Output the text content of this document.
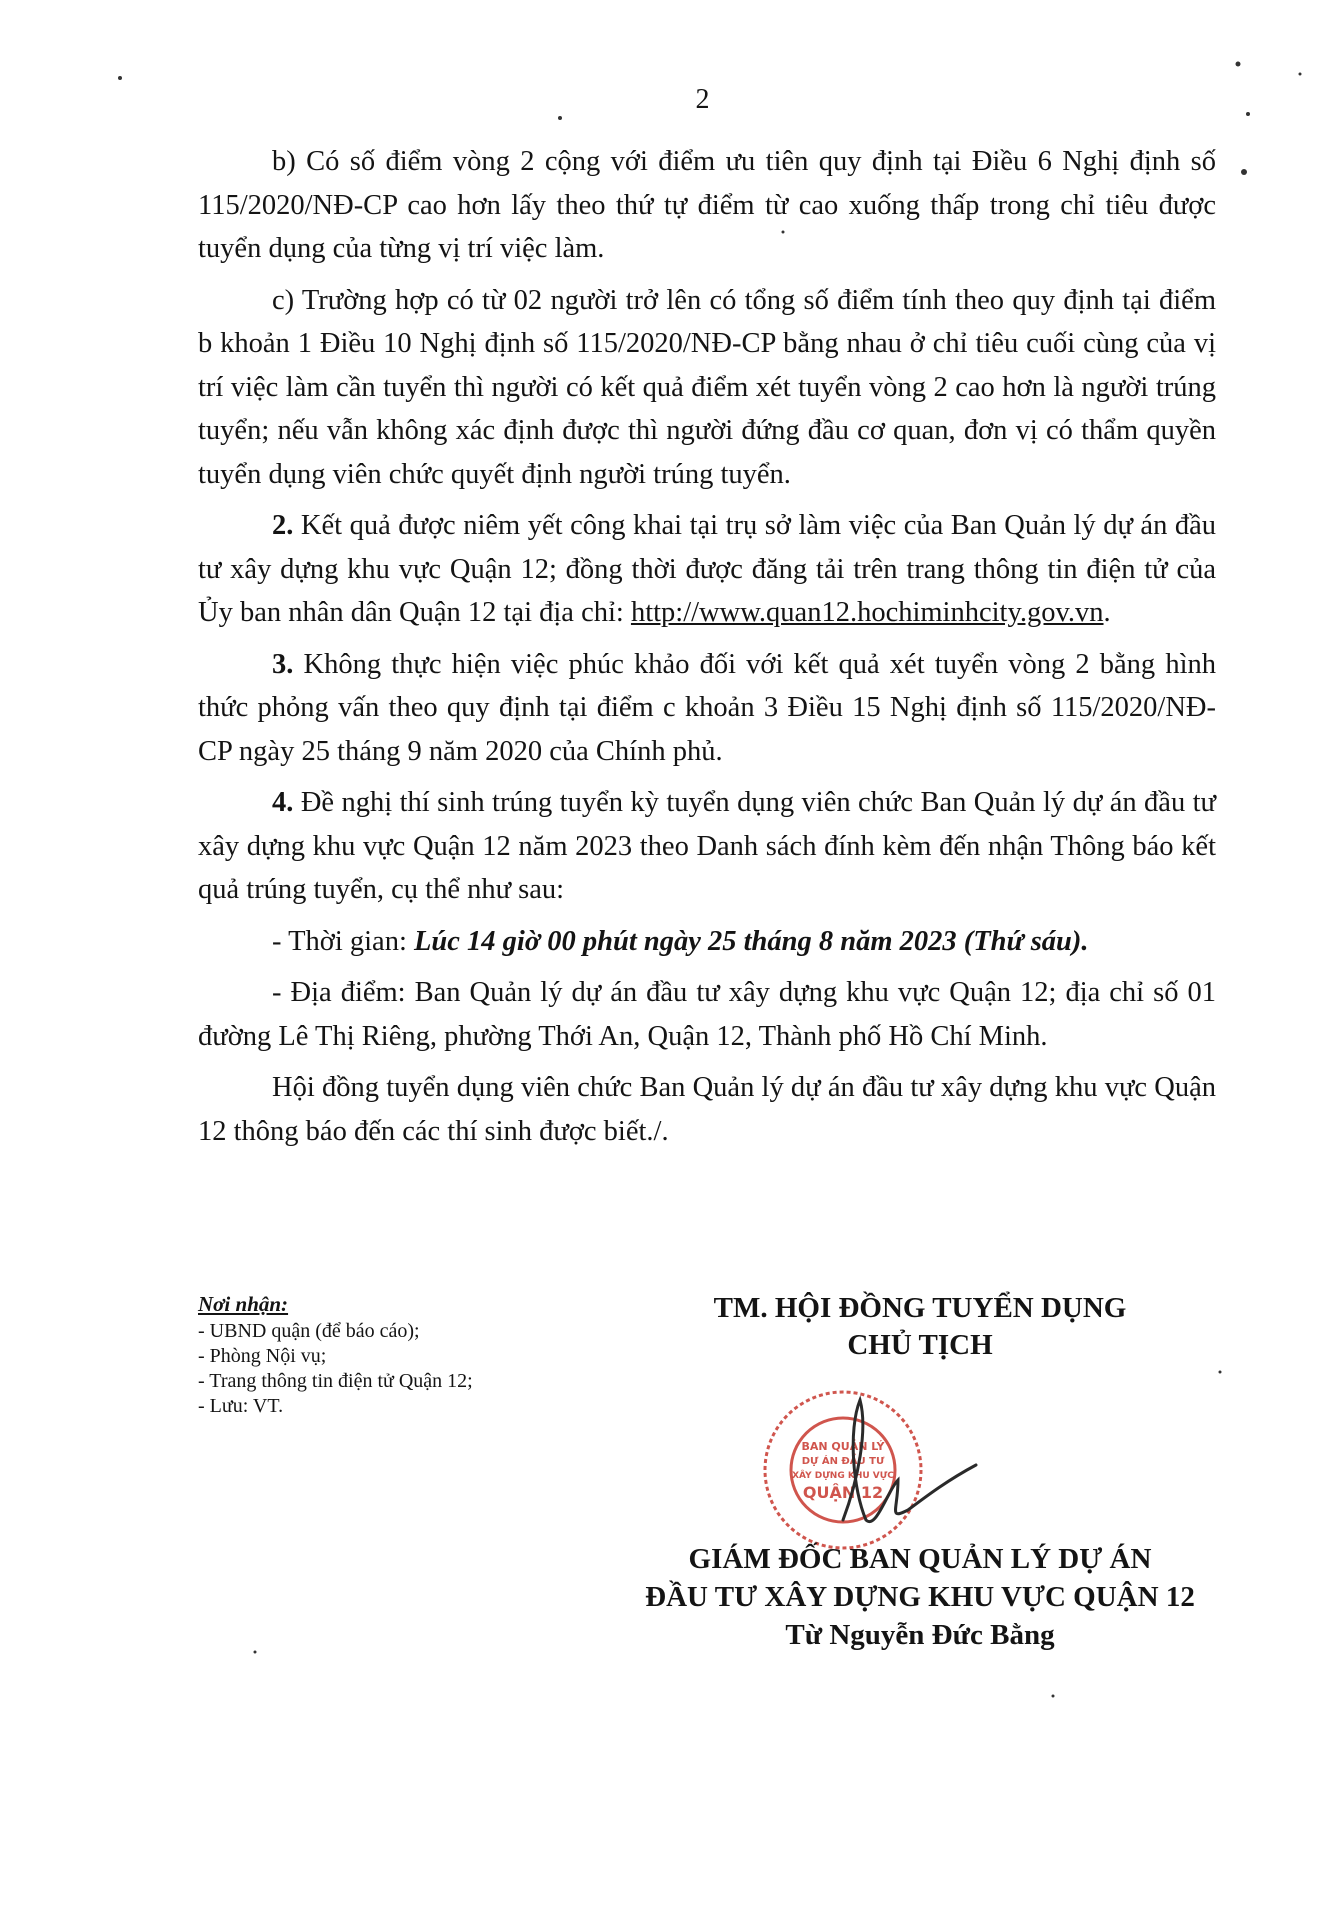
2

b) Có số điểm vòng 2 cộng với điểm ưu tiên quy định tại Điều 6 Nghị định số 115/2020/NĐ-CP cao hơn lấy theo thứ tự điểm từ cao xuống thấp trong chỉ tiêu được tuyển dụng của từng vị trí việc làm.

c) Trường hợp có từ 02 người trở lên có tổng số điểm tính theo quy định tại điểm b khoản 1 Điều 10 Nghị định số 115/2020/NĐ-CP bằng nhau ở chỉ tiêu cuối cùng của vị trí việc làm cần tuyển thì người có kết quả điểm xét tuyển vòng 2 cao hơn là người trúng tuyển; nếu vẫn không xác định được thì người đứng đầu cơ quan, đơn vị có thẩm quyền tuyển dụng viên chức quyết định người trúng tuyển.

2. Kết quả được niêm yết công khai tại trụ sở làm việc của Ban Quản lý dự án đầu tư xây dựng khu vực Quận 12; đồng thời được đăng tải trên trang thông tin điện tử của Ủy ban nhân dân Quận 12 tại địa chỉ: http://www.quan12.hochiminhcity.gov.vn.

3. Không thực hiện việc phúc khảo đối với kết quả xét tuyển vòng 2 bằng hình thức phỏng vấn theo quy định tại điểm c khoản 3 Điều 15 Nghị định số 115/2020/NĐ-CP ngày 25 tháng 9 năm 2020 của Chính phủ.

4. Đề nghị thí sinh trúng tuyển kỳ tuyển dụng viên chức Ban Quản lý dự án đầu tư xây dựng khu vực Quận 12 năm 2023 theo Danh sách đính kèm đến nhận Thông báo kết quả trúng tuyển, cụ thể như sau:

- Thời gian: Lúc 14 giờ 00 phút ngày 25 tháng 8 năm 2023 (Thứ sáu).

- Địa điểm: Ban Quản lý dự án đầu tư xây dựng khu vực Quận 12; địa chỉ số 01 đường Lê Thị Riêng, phường Thới An, Quận 12, Thành phố Hồ Chí Minh.

Hội đồng tuyển dụng viên chức Ban Quản lý dự án đầu tư xây dựng khu vực Quận 12 thông báo đến các thí sinh được biết./.

Nơi nhận:
- UBND quận (để báo cáo);
- Phòng Nội vụ;
- Trang thông tin điện tử Quận 12;
- Lưu: VT.
TM. HỘI ĐỒNG TUYỂN DỤNG
CHỦ TỊCH
BAN QUẢN LÝ
DỰ ÁN ĐẦU TƯ
XÂY DỰNG KHU VỰC
QUẬN 12
GIÁM ĐỐC BAN QUẢN LÝ DỰ ÁN
ĐẦU TƯ XÂY DỰNG KHU VỰC QUẬN 12
Từ Nguyễn Đức Bằng
